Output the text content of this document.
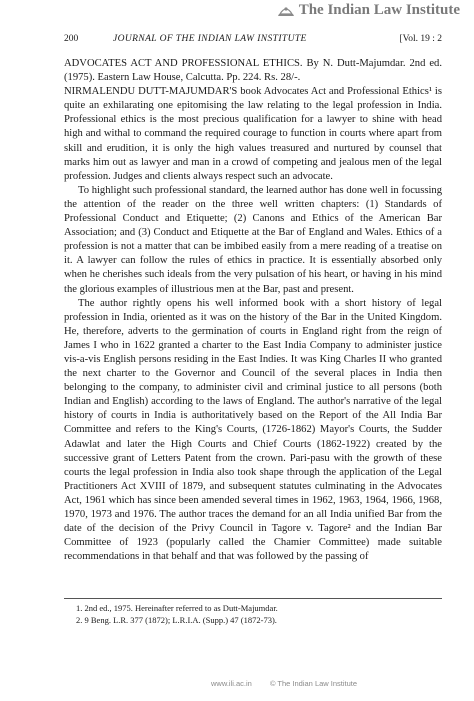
The Indian Law Institute
200	JOURNAL OF THE INDIAN LAW INSTITUTE	[Vol. 19 : 2

ADVOCATES ACT AND PROFESSIONAL ETHICS. By N. Dutt-Majumdar. 2nd ed. (1975). Eastern Law House, Calcutta. Pp. 224. Rs. 28/-.

NIRMALENDU DUTT-MAJUMDAR'S book Advocates Act and Professional Ethics¹ is quite an exhilarating one epitomising the law relating to the legal profession in India. Professional ethics is the most precious qualification for a lawyer to shine with head high and withal to command the required courage to function in courts where apart from skill and erudition, it is only the high values treasured and nurtured by counsel that marks him out as lawyer and man in a crowd of competing and jealous men of the legal profession. Judges and clients always respect such an advocate.

To highlight such professional standard, the learned author has done well in focussing the attention of the reader on the three well written chapters: (1) Standards of Professional Conduct and Etiquette; (2) Canons and Ethics of the American Bar Association; and (3) Conduct and Etiquette at the Bar of England and Wales. Ethics of a profession is not a matter that can be imbibed easily from a mere reading of a treatise on it. A lawyer can follow the rules of ethics in practice. It is essentially absorbed only when he cherishes such ideals from the very pulsation of his heart, or having in his mind the glorious examples of illustrious men at the Bar, past and present.

The author rightly opens his well informed book with a short history of legal profession in India, oriented as it was on the history of the Bar in the United Kingdom. He, therefore, adverts to the germination of courts in England right from the reign of James I who in 1622 granted a charter to the East India Company to administer justice vis-a-vis English persons residing in the East Indies. It was King Charles II who granted the next charter to the Governor and Council of the several places in India then belonging to the company, to administer civil and criminal justice to all persons (both Indian and English) according to the laws of England. The author's narrative of the legal history of courts in India is authoritatively based on the Report of the All India Bar Committee and refers to the King's Courts, (1726-1862) Mayor's Courts, the Sudder Adawlat and later the High Courts and Chief Courts (1862-1922) created by the successive grant of Letters Patent from the crown. Pari-pasu with the growth of these courts the legal profession in India also took shape through the application of the Legal Practitioners Act XVIII of 1879, and subsequent statutes culminating in the Advocates Act, 1961 which has since been amended several times in 1962, 1963, 1964, 1966, 1968, 1970, 1973 and 1976. The author traces the demand for an all India unified Bar from the date of the decision of the Privy Council in Tagore v. Tagore² and the Indian Bar Committee of 1923 (popularly called the Chamier Committee) made suitable recommendations in that behalf and that was followed by the passing of

1. 2nd ed., 1975. Hereinafter referred to as Dutt-Majumdar.
2. 9 Beng. L.R. 377 (1872); L.R.I.A. (Supp.) 47 (1872-73).
www.ili.ac.in © The Indian Law Institute
